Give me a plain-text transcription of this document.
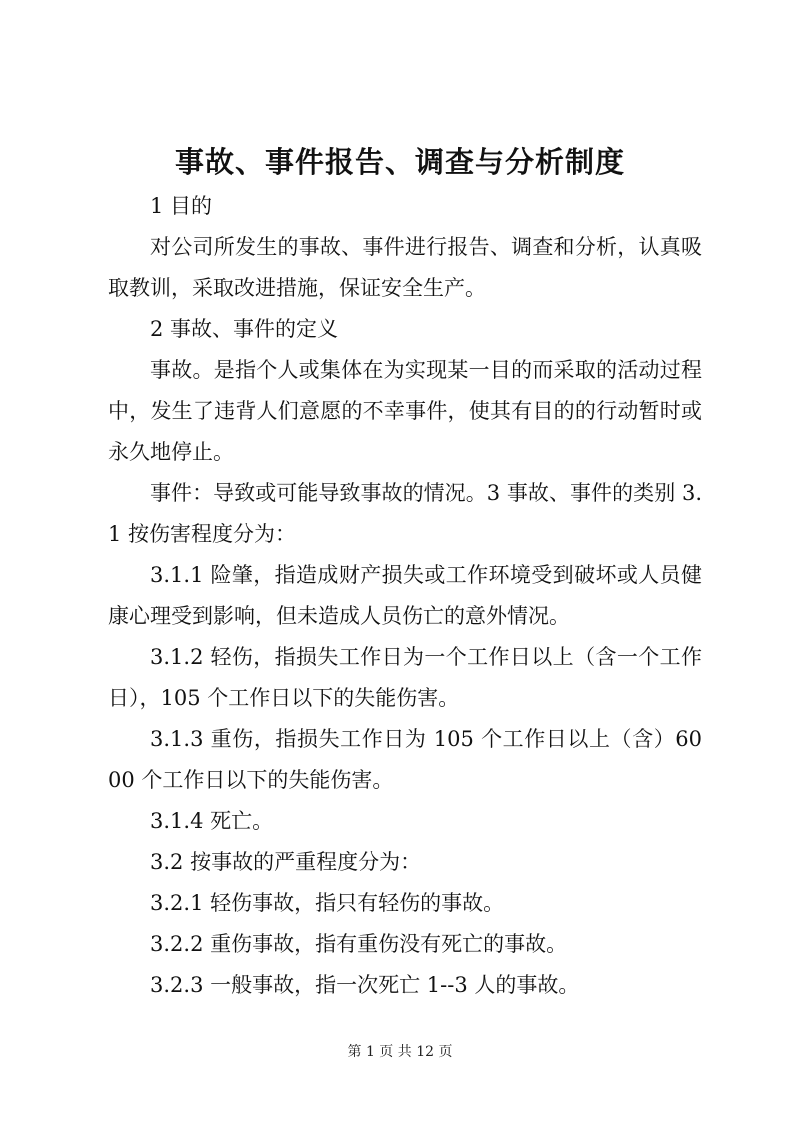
事故、事件报告、调查与分析制度

1 目的

对公司所发生的事故、事件进行报告、调查和分析，认真吸取教训，采取改进措施，保证安全生产。

2 事故、事件的定义

事故。是指个人或集体在为实现某一目的而采取的活动过程中，发生了违背人们意愿的不幸事件，使其有目的的行动暂时或永久地停止。

事件：导致或可能导致事故的情况。3 事故、事件的类别 3.1 按伤害程度分为：

3.1.1 险肇，指造成财产损失或工作环境受到破坏或人员健康心理受到影响，但未造成人员伤亡的意外情况。

3.1.2 轻伤，指损失工作日为一个工作日以上（含一个工作日），105 个工作日以下的失能伤害。

3.1.3 重伤，指损失工作日为 105 个工作日以上（含）6000 个工作日以下的失能伤害。

3.1.4 死亡。

3.2 按事故的严重程度分为：

3.2.1 轻伤事故，指只有轻伤的事故。

3.2.2 重伤事故，指有重伤没有死亡的事故。

3.2.3 一般事故，指一次死亡 1--3 人的事故。

第 1 页 共 12 页
